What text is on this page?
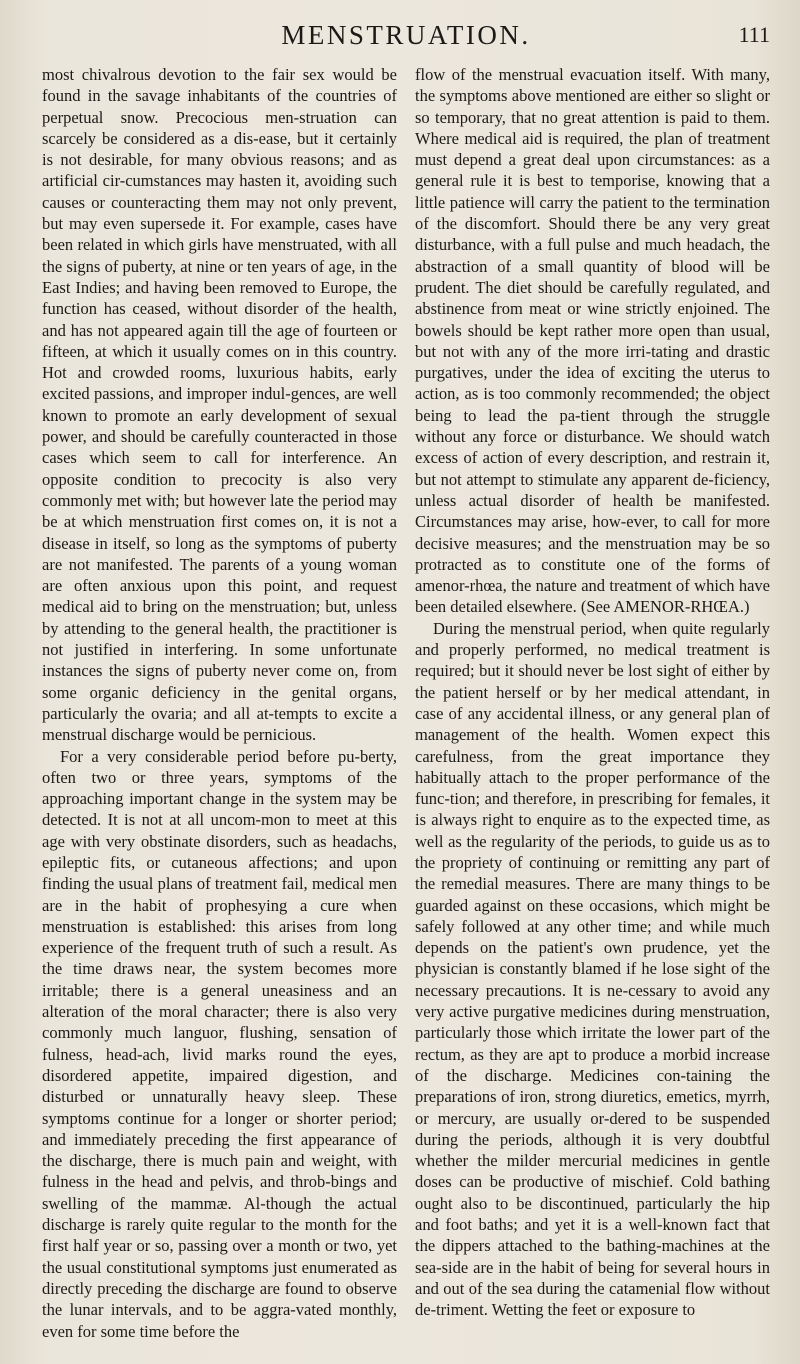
MENSTRUATION.	111

most chivalrous devotion to the fair sex would be found in the savage inhabitants of the countries of perpetual snow. Precocious men-struation can scarcely be considered as a dis-ease, but it certainly is not desirable, for many obvious reasons; and as artificial cir-cumstances may hasten it, avoiding such causes or counteracting them may not only prevent, but may even supersede it. For example, cases have been related in which girls have menstruated, with all the signs of puberty, at nine or ten years of age, in the East Indies; and having been removed to Europe, the function has ceased, without disorder of the health, and has not appeared again till the age of fourteen or fifteen, at which it usually comes on in this country. Hot and crowded rooms, luxurious habits, early excited passions, and improper indul-gences, are well known to promote an early development of sexual power, and should be carefully counteracted in those cases which seem to call for interference. An opposite condition to precocity is also very commonly met with; but however late the period may be at which menstruation first comes on, it is not a disease in itself, so long as the symptoms of puberty are not manifested. The parents of a young woman are often anxious upon this point, and request medical aid to bring on the menstruation; but, unless by attending to the general health, the practitioner is not justified in interfering. In some unfortunate instances the signs of puberty never come on, from some organic deficiency in the genital organs, particularly the ovaria; and all at-tempts to excite a menstrual discharge would be pernicious.

For a very considerable period before pu-berty, often two or three years, symptoms of the approaching important change in the system may be detected. It is not at all uncom-mon to meet at this age with very obstinate disorders, such as headachs, epileptic fits, or cutaneous affections; and upon finding the usual plans of treatment fail, medical men are in the habit of prophesying a cure when menstruation is established: this arises from long experience of the frequent truth of such a result. As the time draws near, the system becomes more irritable; there is a general uneasiness and an alteration of the moral character; there is also very commonly much languor, flushing, sensation of fulness, head-ach, livid marks round the eyes, disordered appetite, impaired digestion, and disturbed or unnaturally heavy sleep. These symptoms continue for a longer or shorter period; and immediately preceding the first appearance of the discharge, there is much pain and weight, with fulness in the head and pelvis, and throb-bings and swelling of the mammæ. Al-though the actual discharge is rarely quite regular to the month for the first half year or so, passing over a month or two, yet the usual constitutional symptoms just enumerated as directly preceding the discharge are found to observe the lunar intervals, and to be aggra-vated monthly, even for some time before the

flow of the menstrual evacuation itself. With many, the symptoms above mentioned are either so slight or so temporary, that no great attention is paid to them. Where medical aid is required, the plan of treatment must depend a great deal upon circumstances: as a general rule it is best to temporise, knowing that a little patience will carry the patient to the termination of the discomfort. Should there be any very great disturbance, with a full pulse and much headach, the abstraction of a small quantity of blood will be prudent. The diet should be carefully regulated, and abstinence from meat or wine strictly enjoined. The bowels should be kept rather more open than usual, but not with any of the more irri-tating and drastic purgatives, under the idea of exciting the uterus to action, as is too commonly recommended; the object being to lead the pa-tient through the struggle without any force or disturbance. We should watch excess of action of every description, and restrain it, but not attempt to stimulate any apparent de-ficiency, unless actual disorder of health be manifested. Circumstances may arise, how-ever, to call for more decisive measures; and the menstruation may be so protracted as to constitute one of the forms of amenor-rhœa, the nature and treatment of which have been detailed elsewhere. (See AMENOR-RHŒA.)

During the menstrual period, when quite regularly and properly performed, no medical treatment is required; but it should never be lost sight of either by the patient herself or by her medical attendant, in case of any accidental illness, or any general plan of management of the health. Women expect this carefulness, from the great importance they habitually attach to the proper performance of the func-tion; and therefore, in prescribing for females, it is always right to enquire as to the expected time, as well as the regularity of the periods, to guide us as to the propriety of continuing or remitting any part of the remedial measures. There are many things to be guarded against on these occasions, which might be safely followed at any other time; and while much depends on the patient's own prudence, yet the physician is constantly blamed if he lose sight of the necessary precautions. It is ne-cessary to avoid any very active purgative medicines during menstruation, particularly those which irritate the lower part of the rectum, as they are apt to produce a morbid increase of the discharge. Medicines con-taining the preparations of iron, strong diuretics, emetics, myrrh, or mercury, are usually or-dered to be suspended during the periods, although it is very doubtful whether the milder mercurial medicines in gentle doses can be productive of mischief. Cold bathing ought also to be discontinued, particularly the hip and foot baths; and yet it is a well-known fact that the dippers attached to the bathing-machines at the sea-side are in the habit of being for several hours in and out of the sea during the catamenial flow without de-triment. Wetting the feet or exposure to
